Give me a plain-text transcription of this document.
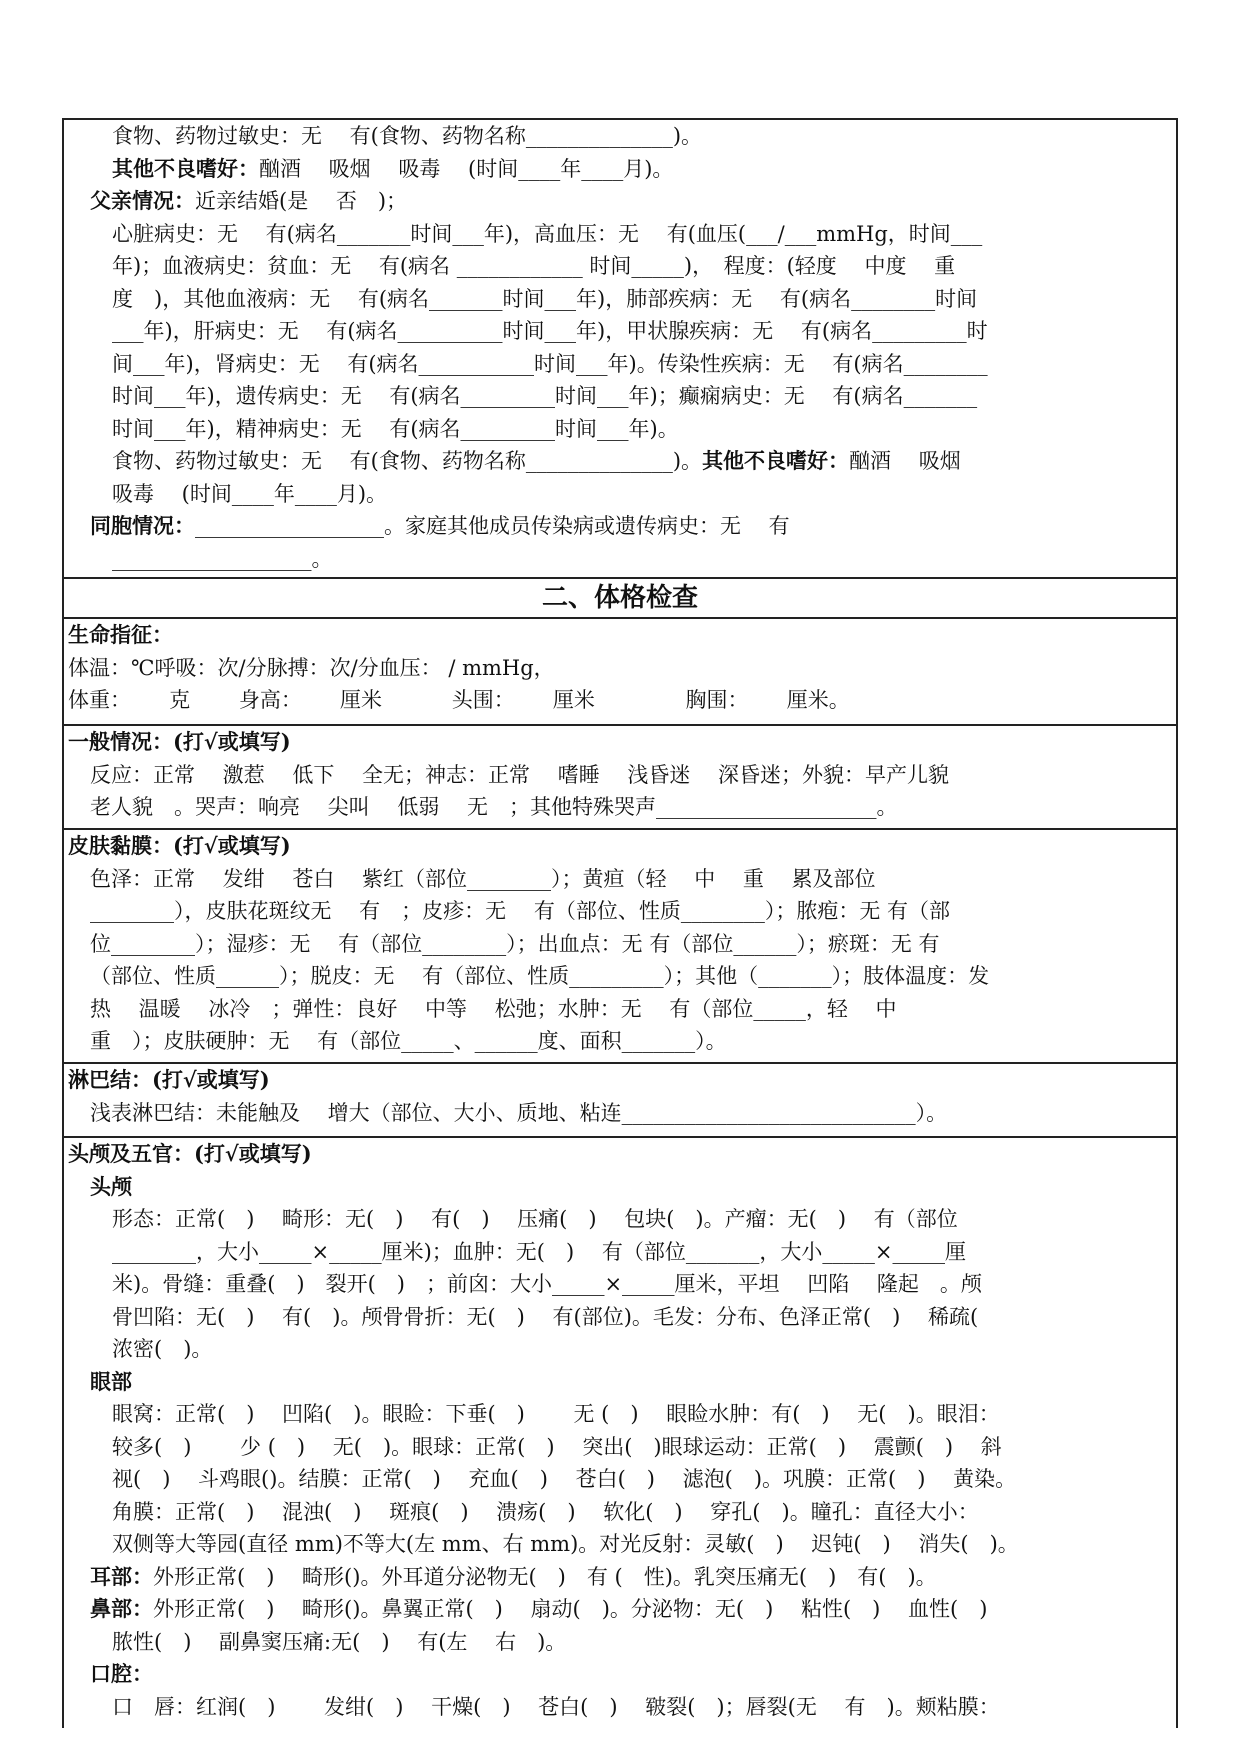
食物、药物过敏史：无　 有(食物、药物名称______________)。
其他不良嗜好：酗酒　 吸烟　 吸毒　 (时间____年____月)。
父亲情况：近亲结婚(是　 否　)；
心脏病史：无　 有(病名_______时间___年)，高血压：无　 有(血压(___/___mmHg，时间___
年)；血液病史：贫血：无　 有(病名 ____________ 时间_____)，　程度：(轻度　 中度　 重
度　)，其他血液病：无　 有(病名_______时间___年)，肺部疾病：无　 有(病名________时间
___年)，肝病史：无　 有(病名__________时间___年)，甲状腺疾病：无　 有(病名_________时
间___年)，肾病史：无　 有(病名___________时间___年)。传染性疾病：无　 有(病名________
时间___年)，遗传病史：无　 有(病名_________时间___年)；癫痫病史：无　 有(病名_______
时间___年)，精神病史：无　 有(病名_________时间___年)。
食物、药物过敏史：无　 有(食物、药物名称______________)。其他不良嗜好：酗酒　 吸烟
吸毒　 (时间____年____月)。
同胞情况：__________________。家庭其他成员传染病或遗传病史：无　 有
___________________。
二、体格检查
生命指征：
体温：℃呼吸：次/分脉搏：次/分血压： / mmHg，
体重：　　 克　　 身高：　　 厘米　　　 头围：　　 厘米　　　　 胸围：　　 厘米。
一般情况：(打√或填写)
反应：正常　 激惹　 低下　 全无；神志：正常　 嗜睡　 浅昏迷　 深昏迷；外貌：早产儿貌
老人貌　。哭声：响亮　 尖叫　 低弱　 无　；其他特殊哭声_____________________。
皮肤黏膜：(打√或填写)
色泽：正常　 发绀　 苍白　 紫红（部位________）；黄疸（轻　 中　 重　 累及部位
________），皮肤花斑纹无　 有　；皮疹：无　 有（部位、性质________）；脓疱：无 有（部
位________）；湿疹：无　 有（部位________）；出血点：无 有（部位______）；瘀斑：无 有
（部位、性质______）；脱皮：无　 有（部位、性质_________）；其他（_______）；肢体温度：发
热　 温暖　 冰冷　；弹性：良好　 中等　 松弛；水肿：无　 有（部位_____，轻　 中
重　）；皮肤硬肿：无　 有（部位_____、______度、面积_______）。
淋巴结：(打√或填写)
浅表淋巴结：未能触及　 增大（部位、大小、质地、粘连____________________________）。
头颅及五官：(打√或填写)
头颅
形态：正常(　)　 畸形：无(　)　 有(　)　 压痛(　)　 包块(　)。产瘤：无(　)　 有（部位
________，大小_____×_____厘米)；血肿：无(　)　 有（部位_______，大小_____×_____厘
米)。骨缝：重叠(　)　裂开(　)　；前囟：大小_____×_____厘米，平坦　 凹陷　 隆起　。颅
骨凹陷：无(　)　 有(　)。颅骨骨折：无(　)　 有(部位)。毛发：分布、色泽正常(　)　 稀疏(
浓密(　)。
眼部
眼窝：正常(　)　 凹陷(　)。眼睑：下垂(　)　　 无 (　)　 眼睑水肿：有(　)　 无(　)。眼泪：
较多(　)　　 少 (　)　 无(　)。眼球：正常(　)　 突出(　)眼球运动：正常(　)　 震颤(　)　 斜
视(　)　 斗鸡眼()。结膜：正常(　)　 充血(　)　 苍白(　)　 滤泡(　)。巩膜：正常(　)　 黄染。
角膜：正常(　)　 混浊(　)　 斑痕(　)　 溃疡(　)　 软化(　)　 穿孔(　)。瞳孔：直径大小：
双侧等大等园(直径 mm)不等大(左 mm、右 mm)。对光反射：灵敏(　)　 迟钝(　)　 消失(　)。
耳部：外形正常(　)　 畸形()。外耳道分泌物无(　)　有 (　性)。乳突压痛无(　)　有(　)。
鼻部：外形正常(　)　 畸形()。鼻翼正常(　)　 扇动(　)。分泌物：无(　)　 粘性(　)　 血性(　)
脓性(　)　 副鼻窦压痛:无(　)　 有(左　 右　)。
口腔：
口　唇：红润(　)　　 发绀(　)　 干燥(　)　 苍白(　)　 皲裂(　)；唇裂(无　 有　)。颊粘膜：
